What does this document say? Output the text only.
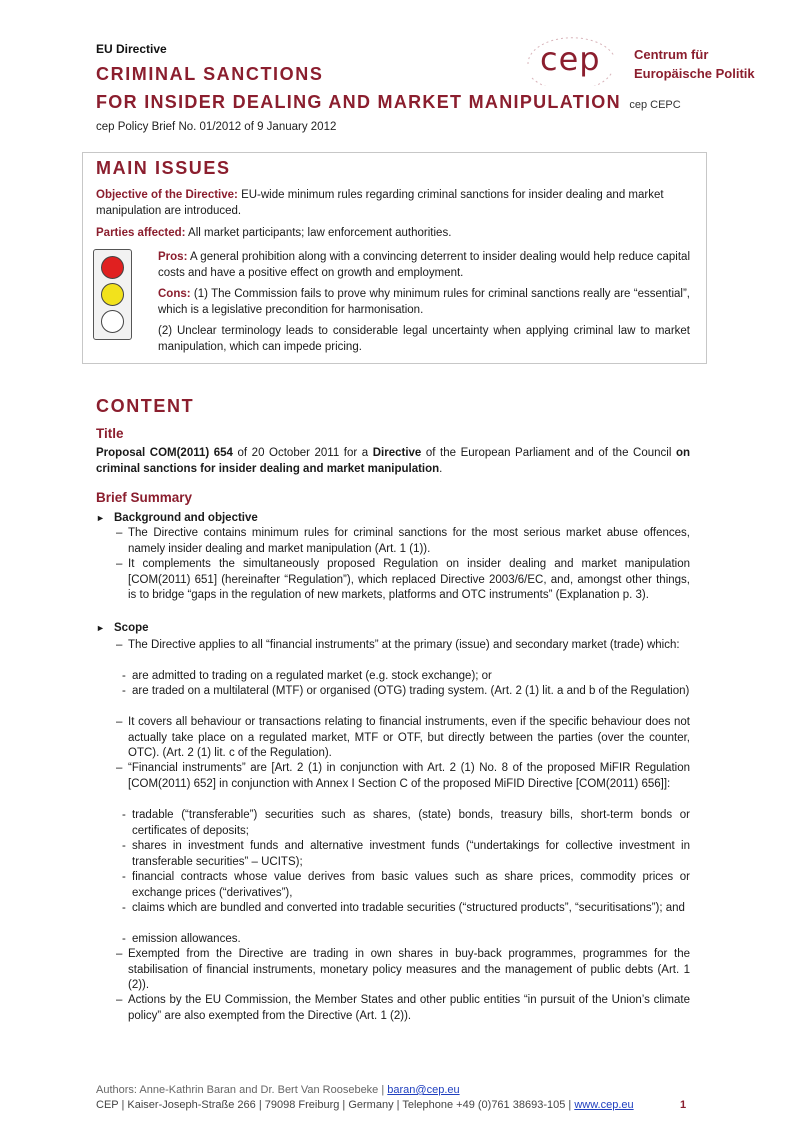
EU Directive
CRIMINAL SANCTIONS
FOR INSIDER DEALING AND MARKET MANIPULATION cep CEPC
cep Policy Brief No. 01/2012 of 9 January 2012
cep	Centrum für
Europäische Politik
MAIN ISSUES
Objective of the Directive: EU-wide minimum rules regarding criminal sanctions for insider dealing and market manipulation are introduced.
Parties affected: All market participants; law enforcement authorities.
Pros: A general prohibition along with a convincing deterrent to insider dealing would help reduce capital costs and have a positive effect on growth and employment.
Cons: (1) The Commission fails to prove why minimum rules for criminal sanctions really are “essential”, which is a legislative precondition for harmonisation.
(2) Unclear terminology leads to considerable legal uncertainty when applying criminal law to market manipulation, which can impede pricing.
CONTENT
Title
Proposal COM(2011) 654 of 20 October 2011 for a Directive of the European Parliament and of the Council on criminal sanctions for insider dealing and market manipulation.
Brief Summary
► Background and objective
– The Directive contains minimum rules for criminal sanctions for the most serious market abuse offences, namely insider dealing and market manipulation (Art. 1 (1)).
– It complements the simultaneously proposed Regulation on insider dealing and market manipulation [COM(2011) 651] (hereinafter “Regulation”), which replaced Directive 2003/6/EC, and, amongst other things, is to bridge “gaps in the regulation of new markets, platforms and OTC instruments” (Explanation p. 3).
► Scope
– The Directive applies to all “financial instruments” at the primary (issue) and secondary market (trade) which:
- are admitted to trading on a regulated market (e.g. stock exchange); or
- are traded on a multilateral (MTF) or organised (OTG) trading system. (Art. 2 (1) lit. a and b of the Regulation)
– It covers all behaviour or transactions relating to financial instruments, even if the specific behaviour does not actually take place on a regulated market, MTF or OTF, but directly between the parties (over the counter, OTC). (Art. 2 (1) lit. c of the Regulation).
– “Financial instruments” are [Art. 2 (1) in conjunction with Art. 2 (1) No. 8 of the proposed MiFIR Regulation [COM(2011) 652] in conjunction with Annex I Section C of the proposed MiFID Directive [COM(2011) 656]]:
- tradable (“transferable”) securities such as shares, (state) bonds, treasury bills, short-term bonds or certificates of deposits;
- shares in investment funds and alternative investment funds (“undertakings for collective investment in transferable securities” – UCITS);
- financial contracts whose value derives from basic values such as share prices, commodity prices or exchange prices (“derivatives”),
- claims which are bundled and converted into tradable securities (“structured products”, “securitisations”); and
- emission allowances.
– Exempted from the Directive are trading in own shares in buy-back programmes, programmes for the stabilisation of financial instruments, monetary policy measures and the management of public debts (Art. 1 (2)).
– Actions by the EU Commission, the Member States and other public entities “in pursuit of the Union’s climate policy” are also exempted from the Directive (Art. 1 (2)).
Authors: Anne-Kathrin Baran and Dr. Bert Van Roosebeke | baran@cep.eu
CEP | Kaiser-Joseph-Straße 266 | 79098 Freiburg | Germany | Telephone +49 (0)761 38693-105 | www.cep.eu	1
